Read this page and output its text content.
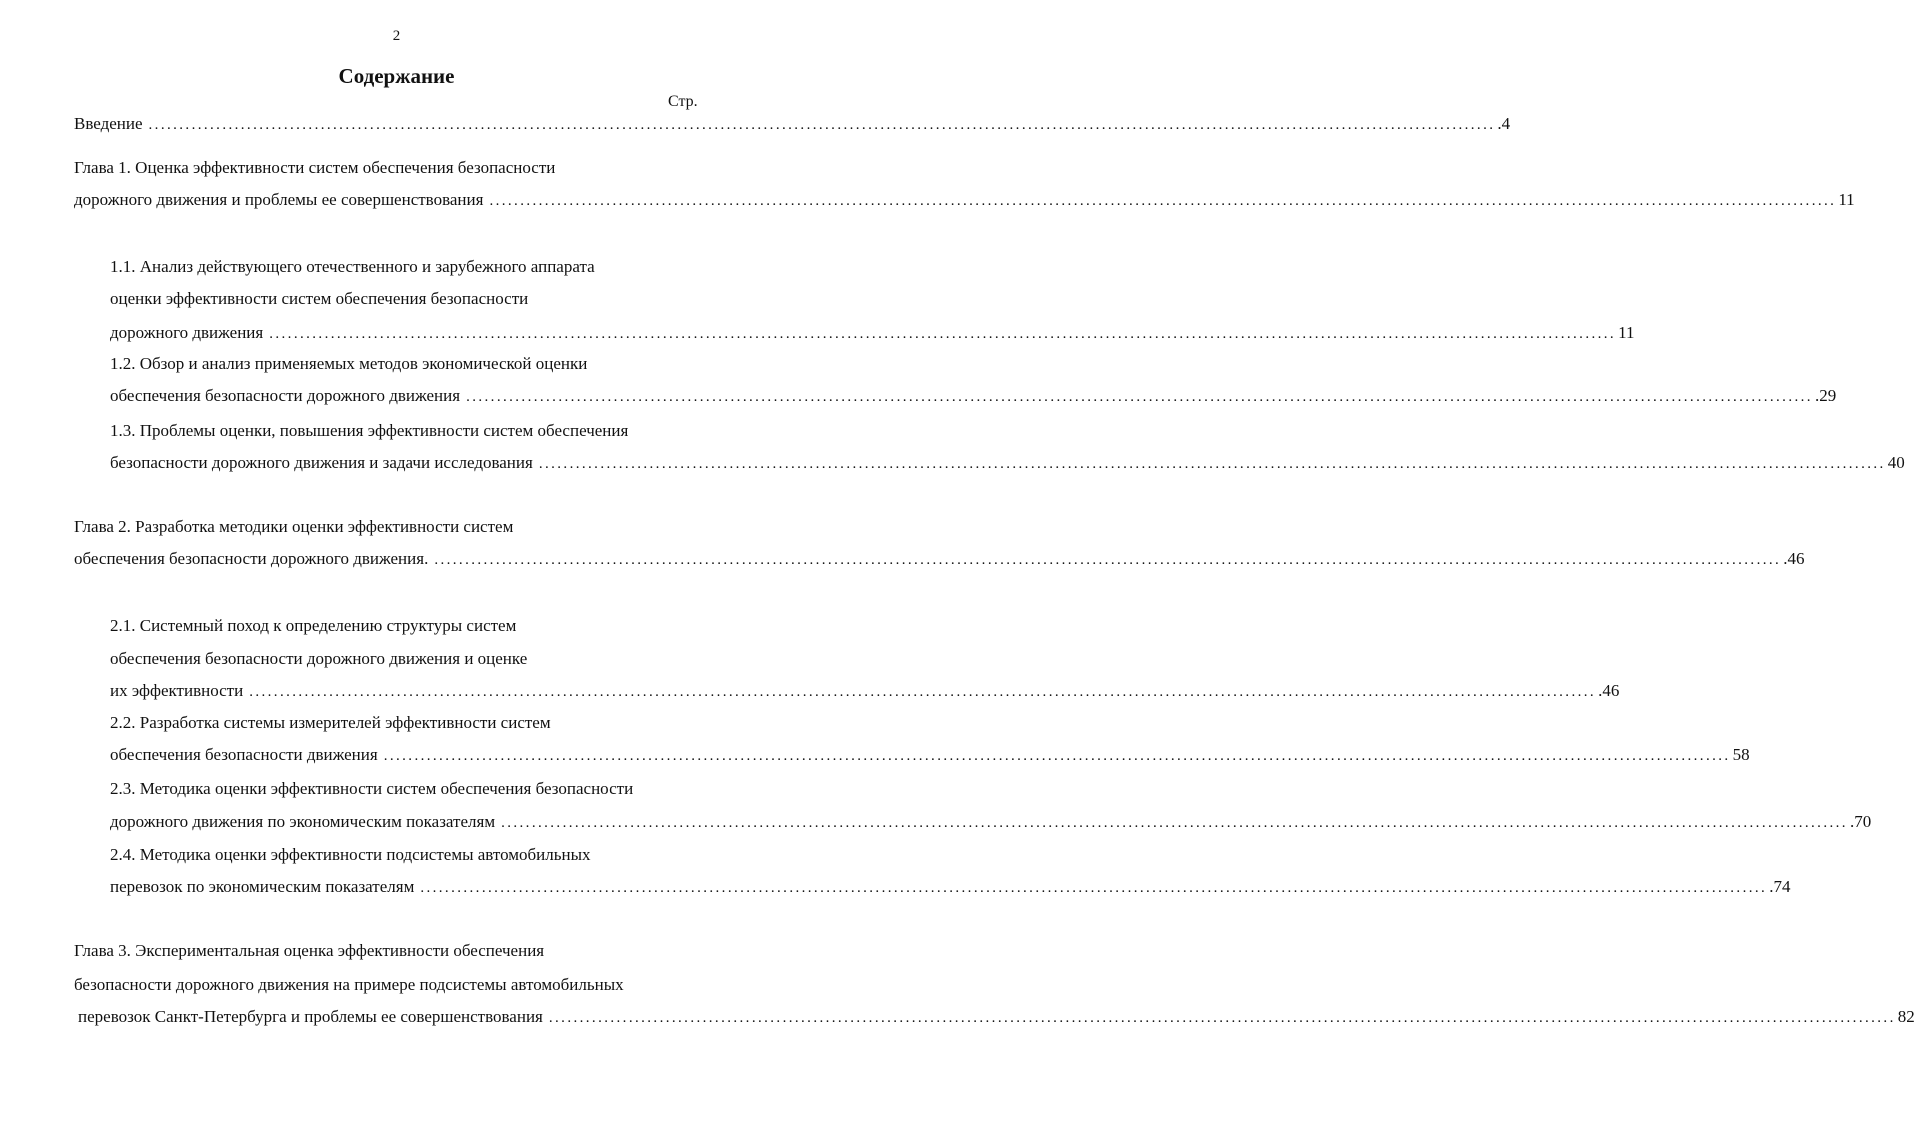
2
Содержание
Стр.
Введение ........................................................................................................................................................................................................................... .4
Глава 1. Оценка эффективности систем обеспечения безопасности
дорожного движения и проблемы ее совершенствования ........................................................................................................................................................................................................................... 11
1.1. Анализ действующего отечественного и зарубежного аппарата
оценки эффективности систем обеспечения безопасности
дорожного движения ........................................................................................................................................................................................................................... 11
1.2. Обзор и анализ применяемых методов экономической оценки
обеспечения безопасности дорожного движения ........................................................................................................................................................................................................................... .29
1.3. Проблемы оценки, повышения эффективности систем обеспечения
безопасности дорожного движения и задачи исследования ........................................................................................................................................................................................................................... 40
Глава 2. Разработка методики оценки эффективности систем
обеспечения безопасности дорожного движения. ........................................................................................................................................................................................................................... .46
2.1. Системный поход к определению структуры систем
обеспечения безопасности дорожного движения и оценке
их эффективности ........................................................................................................................................................................................................................... .46
2.2. Разработка системы измерителей эффективности систем
обеспечения безопасности движения ........................................................................................................................................................................................................................... 58
2.3. Методика оценки эффективности систем обеспечения безопасности
дорожного движения по экономическим показателям ........................................................................................................................................................................................................................... .70
2.4. Методика оценки эффективности подсистемы автомобильных
перевозок по экономическим показателям ........................................................................................................................................................................................................................... .74
Глава 3. Экспериментальная оценка эффективности обеспечения
безопасности дорожного движения на примере подсистемы автомобильных
перевозок Санкт-Петербурга и проблемы ее совершенствования ........................................................................................................................................................................................................................... 82
